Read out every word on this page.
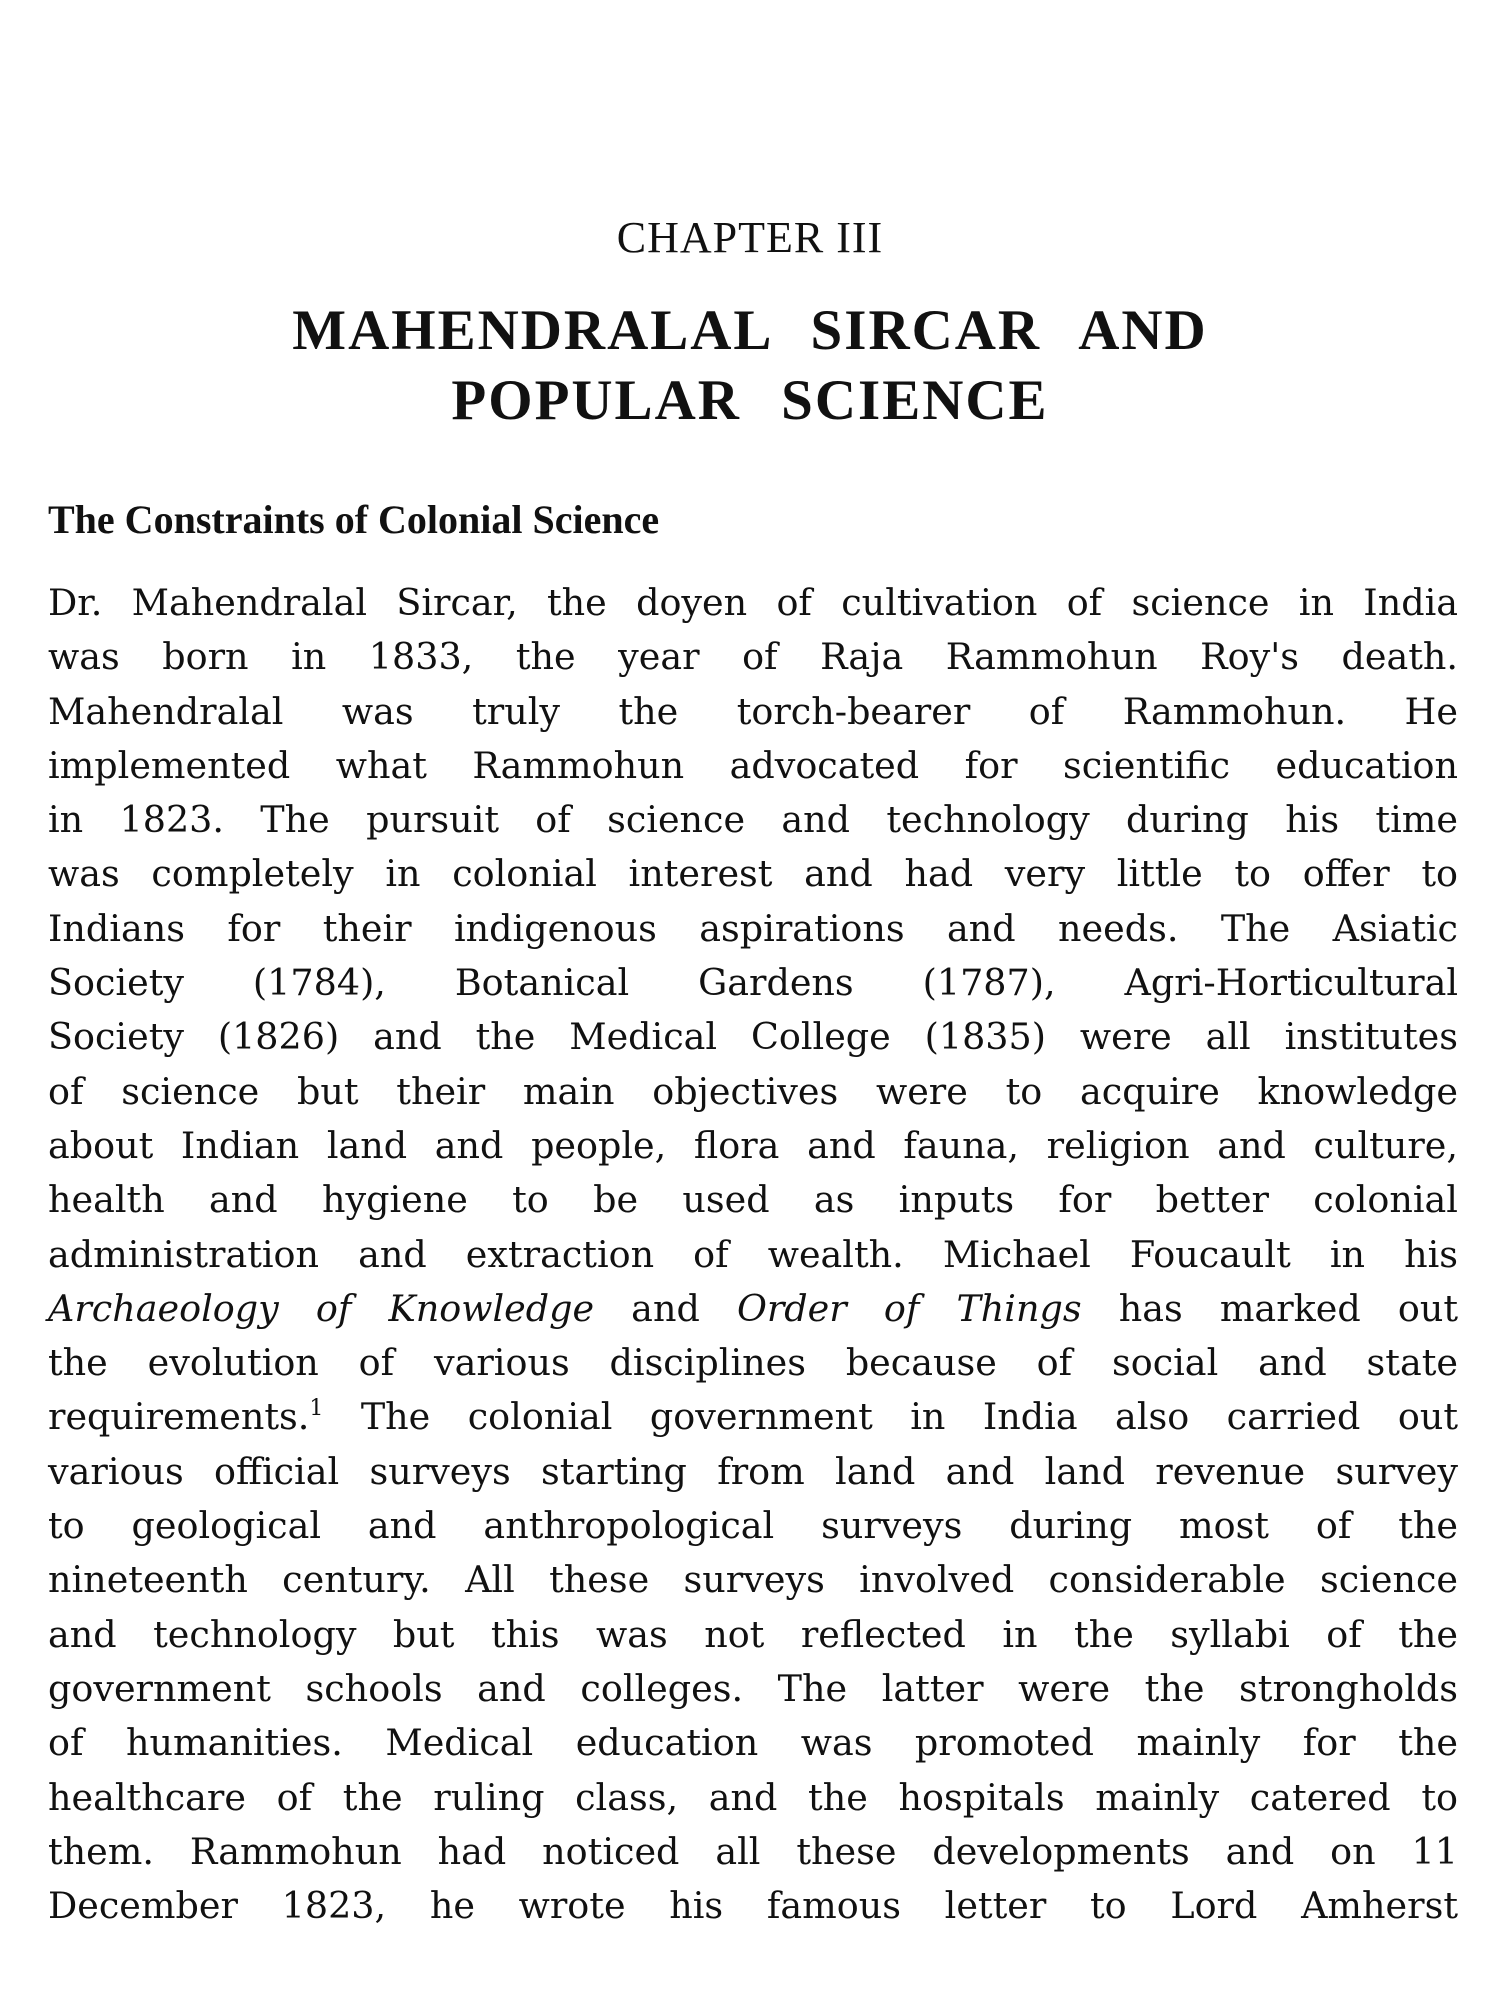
CHAPTER III
MAHENDRALAL SIRCAR AND
POPULAR SCIENCE
The Constraints of Colonial Science
Dr. Mahendralal Sircar, the doyen of cultivation of science in India
was born in 1833, the year of Raja Rammohun Roy's death.
Mahendralal was truly the torch-bearer of Rammohun. He
implemented what Rammohun advocated for scientific education
in 1823. The pursuit of science and technology during his time
was completely in colonial interest and had very little to offer to
Indians for their indigenous aspirations and needs. The Asiatic
Society (1784), Botanical Gardens (1787), Agri-Horticultural
Society (1826) and the Medical College (1835) were all institutes
of science but their main objectives were to acquire knowledge
about Indian land and people, flora and fauna, religion and culture,
health and hygiene to be used as inputs for better colonial
administration and extraction of wealth. Michael Foucault in his
Archaeology of Knowledge and Order of Things has marked out
the evolution of various disciplines because of social and state
requirements.$^1$ The colonial government in India also carried out
various official surveys starting from land and land revenue survey
to geological and anthropological surveys during most of the
nineteenth century. All these surveys involved considerable science
and technology but this was not reflected in the syllabi of the
government schools and colleges. The latter were the strongholds
of humanities. Medical education was promoted mainly for the
healthcare of the ruling class, and the hospitals mainly catered to
them. Rammohun had noticed all these developments and on 11
December 1823, he wrote his famous letter to Lord Amherst
